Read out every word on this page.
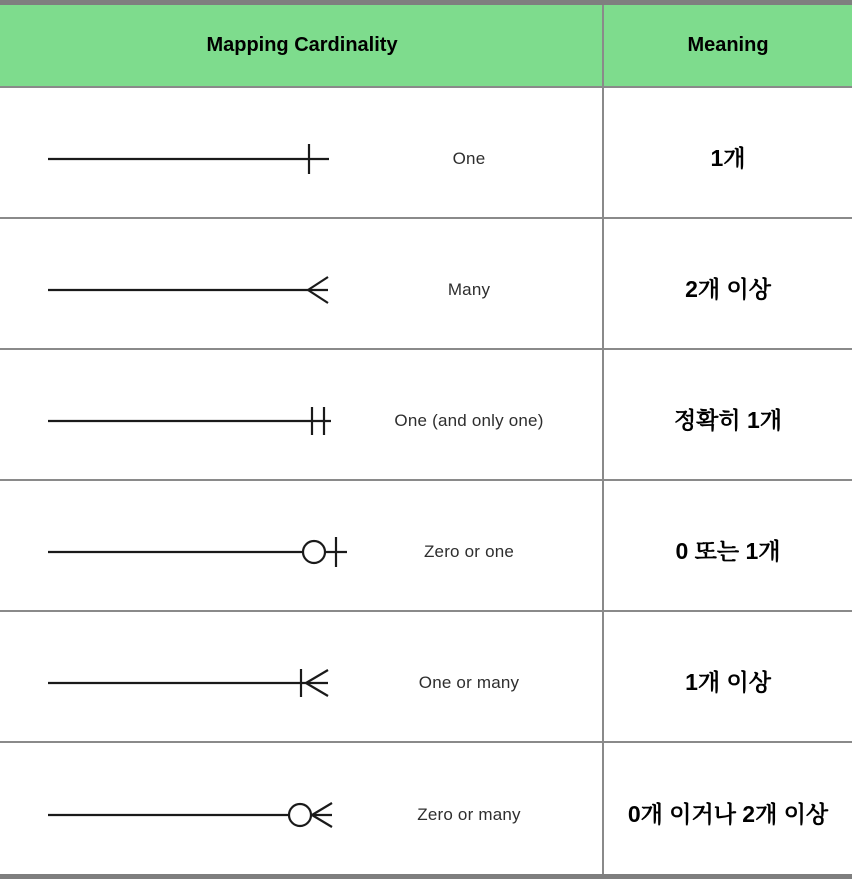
Mapping Cardinality	Meaning
One	1개
Many	2개 이상
One (and only one)	정확히 1개
Zero or one	0 또는 1개
One or many	1개 이상
Zero or many	0개 이거나 2개 이상
